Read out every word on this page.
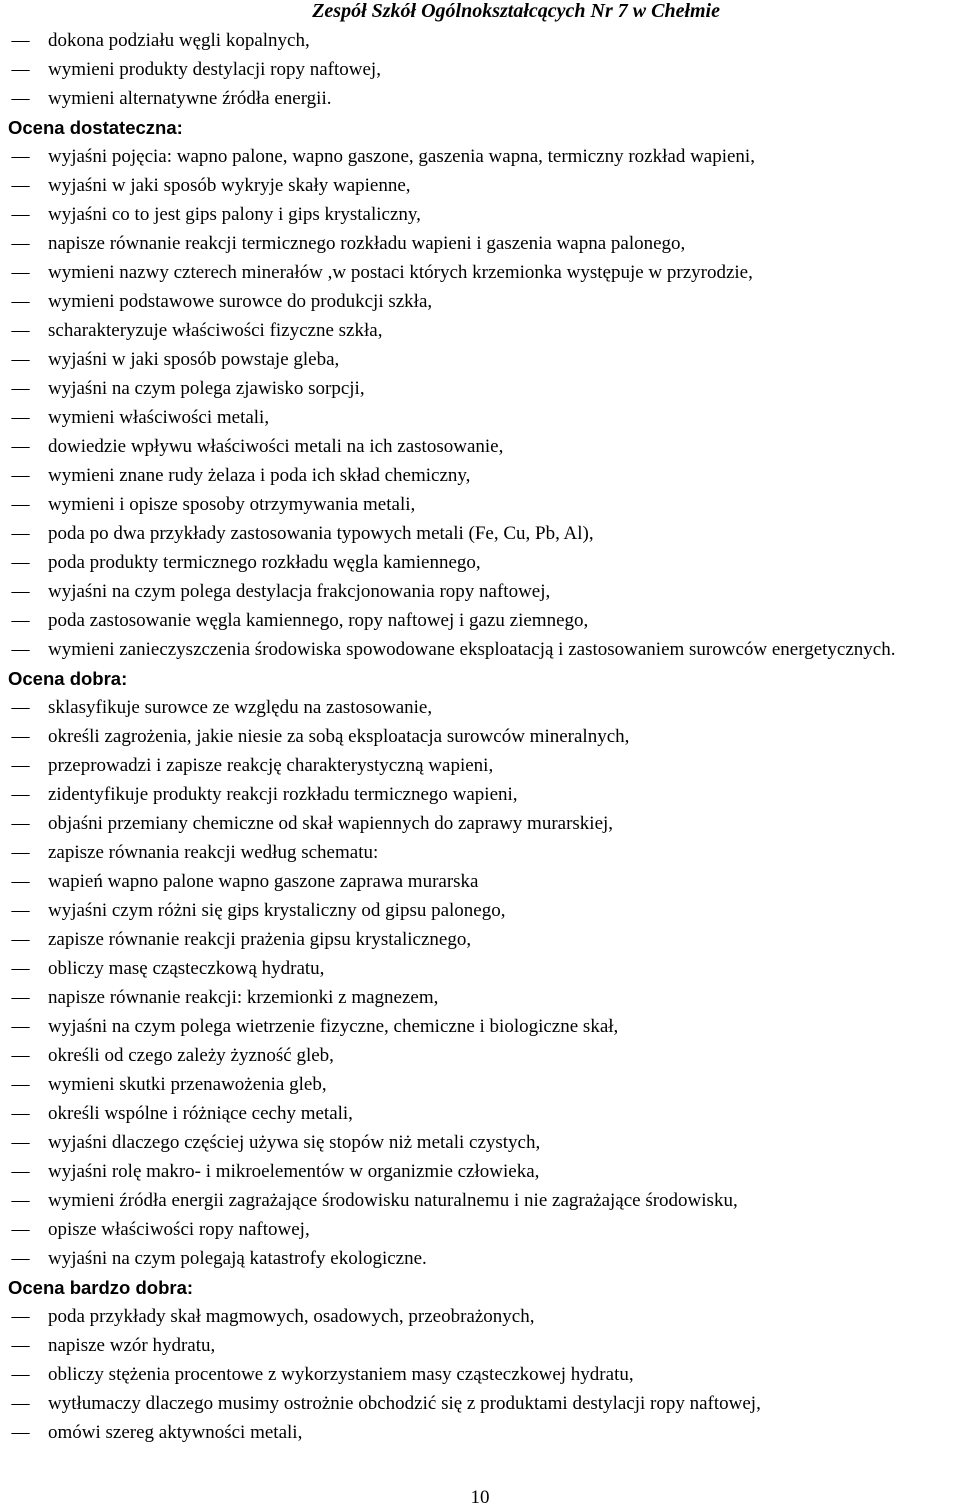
Zespół Szkół Ogólnokształcących Nr 7 w Chełmie
—
dokona podziału węgli kopalnych,
—
wymieni produkty destylacji ropy naftowej,
—
wymieni alternatywne źródła energii.
Ocena dostateczna:
—
wyjaśni pojęcia: wapno palone, wapno gaszone, gaszenia wapna, termiczny rozkład wapieni,
—
wyjaśni w jaki sposób wykryje skały wapienne,
—
wyjaśni co to jest gips palony i gips krystaliczny,
—
napisze równanie reakcji termicznego rozkładu wapieni i gaszenia wapna palonego,
—
wymieni nazwy czterech minerałów ,w postaci których krzemionka występuje w przyrodzie,
—
wymieni podstawowe surowce do produkcji szkła,
—
scharakteryzuje właściwości fizyczne szkła,
—
wyjaśni w jaki sposób powstaje gleba,
—
wyjaśni na czym polega zjawisko sorpcji,
—
wymieni właściwości metali,
—
dowiedzie wpływu właściwości metali na ich zastosowanie,
—
wymieni znane rudy żelaza i poda ich skład chemiczny,
—
wymieni i opisze sposoby otrzymywania metali,
—
poda po dwa przykłady zastosowania typowych metali (Fe, Cu, Pb, Al),
—
poda produkty termicznego rozkładu węgla kamiennego,
—
wyjaśni na czym polega destylacja frakcjonowania ropy naftowej,
—
poda zastosowanie węgla kamiennego, ropy naftowej i gazu ziemnego,
—
wymieni zanieczyszczenia środowiska spowodowane eksploatacją i zastosowaniem surowców energetycznych.
Ocena dobra:
—
sklasyfikuje surowce ze względu na zastosowanie,
—
określi zagrożenia, jakie niesie za sobą eksploatacja surowców mineralnych,
—
przeprowadzi i zapisze reakcję charakterystyczną wapieni,
—
zidentyfikuje produkty reakcji rozkładu termicznego wapieni,
—
objaśni przemiany chemiczne od skał wapiennych do zaprawy murarskiej,
—
zapisze równania reakcji według schematu:
—
wapień wapno palone wapno gaszone zaprawa murarska
—
wyjaśni czym różni się gips krystaliczny od gipsu palonego,
—
zapisze równanie reakcji prażenia gipsu krystalicznego,
—
obliczy masę cząsteczkową hydratu,
—
napisze równanie reakcji: krzemionki z magnezem,
—
wyjaśni na czym polega wietrzenie fizyczne, chemiczne i biologiczne skał,
—
określi od czego zależy żyzność gleb,
—
wymieni skutki przenawożenia gleb,
—
określi wspólne i różniące cechy metali,
—
wyjaśni dlaczego częściej używa się stopów niż metali czystych,
—
wyjaśni rolę makro- i mikroelementów w organizmie człowieka,
—
wymieni źródła energii zagrażające środowisku naturalnemu i nie zagrażające środowisku,
—
opisze właściwości ropy naftowej,
—
wyjaśni na czym polegają katastrofy ekologiczne.
Ocena bardzo dobra:
—
poda przykłady skał magmowych, osadowych, przeobrażonych,
—
napisze wzór hydratu,
—
obliczy stężenia procentowe z wykorzystaniem masy cząsteczkowej hydratu,
—
wytłumaczy dlaczego musimy ostrożnie obchodzić się z produktami destylacji ropy naftowej,
—
omówi szereg aktywności metali,
10
